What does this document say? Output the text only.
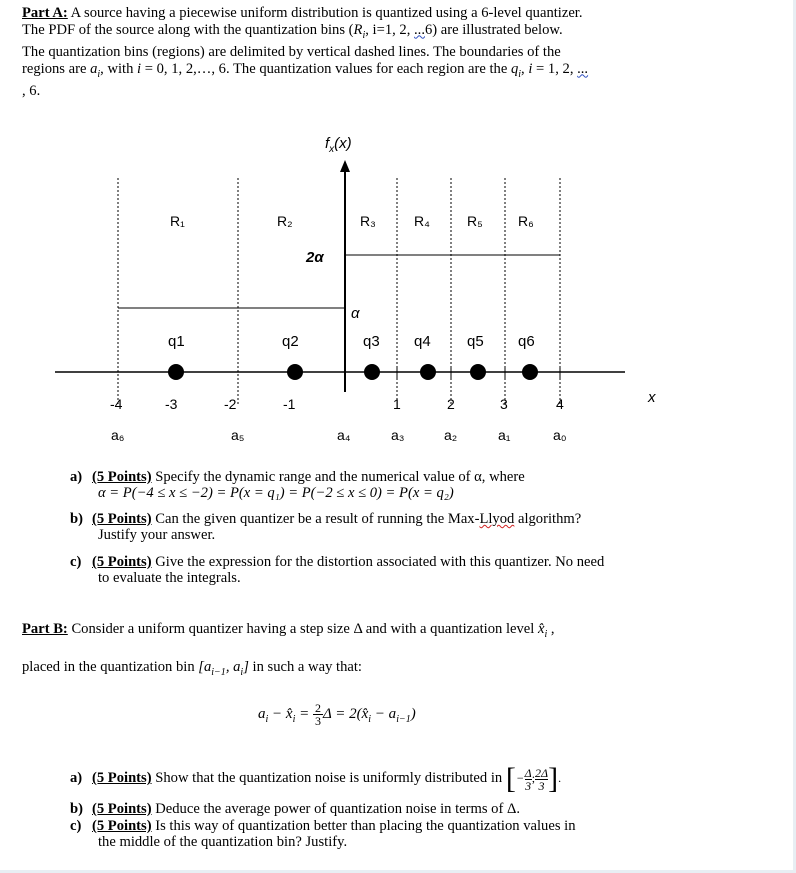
Part A: A source having a piecewise uniform distribution is quantized using a 6-level quantizer.
The PDF of the source along with the quantization bins ($R_i$, i=1, 2, ...6) are illustrated below.
The quantization bins (regions) are delimited by vertical dashed lines. The boundaries of the
regions are $a_i$, with i = 0, 1, 2,…, 6. The quantization values for each region are the $q_i$, i = 1, 2, ...
, 6.
$f_x(x)$
2α
α
R₁	R₂	R₃	R₄	R₅	R₆
q1	q2	q3 q4 q5 q6
-4	-3	-2	-1	1	2	3	4	x
a₆	a₅	a₄	a₃	a₂	a₁	a₀
a) (5 Points) Specify the dynamic range and the numerical value of α, where
α = P(−4 ≤ x ≤ −2) = P(x = q₁) = P(−2 ≤ x ≤ 0) = P(x = q₂)
b) (5 Points) Can the given quantizer be a result of running the Max-Llyod algorithm?
Justify your answer.
c) (5 Points) Give the expression for the distortion associated with this quantizer. No need
to evaluate the integrals.
Part B: Consider a uniform quantizer having a step size Δ and with a quantization level $x̂_i$ ,
placed in the quantization bin [$a_{i-1}$, $a_i$] in such a way that:
$a_i$ − $x̂_i = \frac{2}{3}$ $\Delta = 2(x̂_i - a_{i-1})$
a) (5 Points) Show that the quantization noise is uniformly distributed in [ − $\frac{\Delta}{3}$ ; $\frac{2\Delta}{3}$ ] .
b) (5 Points) Deduce the average power of quantization noise in terms of Δ.
c) (5 Points) Is this way of quantization better than placing the quantization values in
the middle of the quantization bin? Justify.
